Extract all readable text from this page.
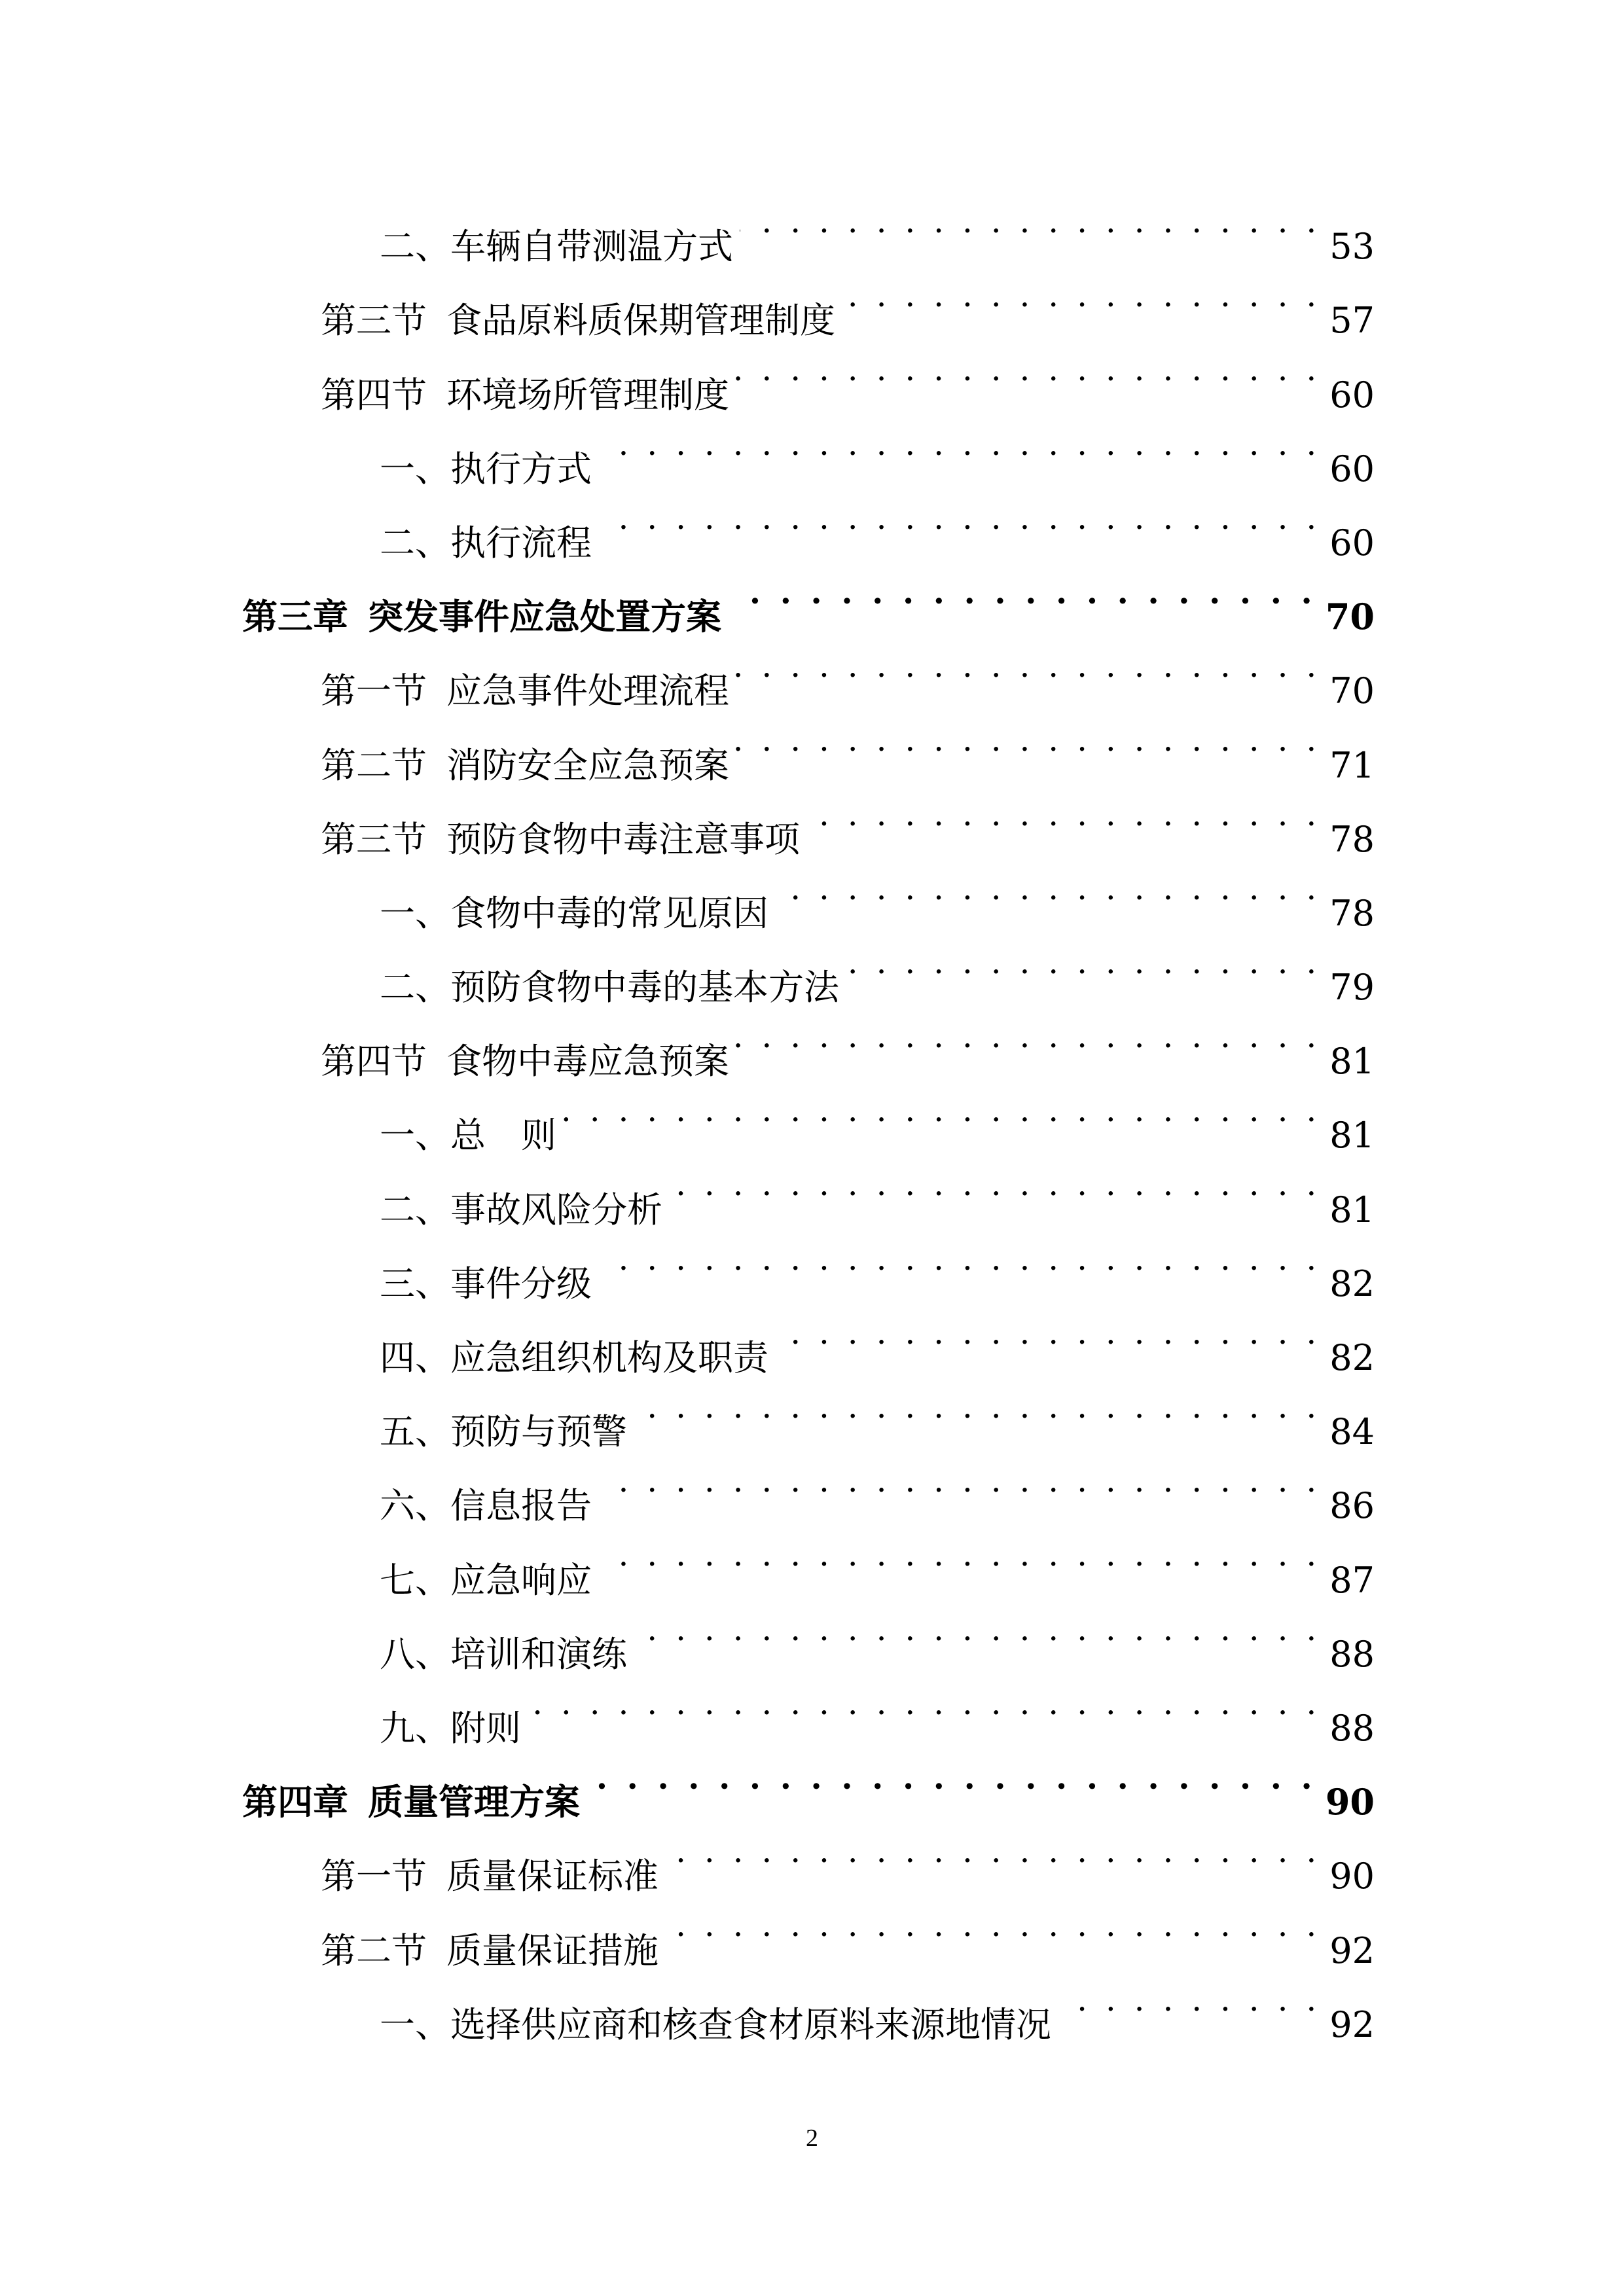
二、车辆自带测温方式 . . .	53
第三节 食品原料质保期管理制度 . . .	57
第四节 环境场所管理制度 . . .	60
一、执行方式 . . .	60
二、执行流程 . . .	60
第三章 突发事件应急处置方案 . . .	70
第一节 应急事件处理流程 . . .	70
第二节 消防安全应急预案 . . .	71
第三节 预防食物中毒注意事项 . . .	78
一、食物中毒的常见原因 . . .	78
二、预防食物中毒的基本方法 . . .	79
第四节 食物中毒应急预案 . . .	81
一、总　则 . . .	81
二、事故风险分析 . . .	81
三、事件分级 . . .	82
四、应急组织机构及职责 . . .	82
五、预防与预警 . . .	84
六、信息报告 . . .	86
七、应急响应 . . .	87
八、培训和演练 . . .	88
九、附则 . . .	88
第四章 质量管理方案 . . .	90
第一节 质量保证标准 . . .	90
第二节 质量保证措施 . . .	92
一、选择供应商和核查食材原料来源地情况 . . .	92
2
